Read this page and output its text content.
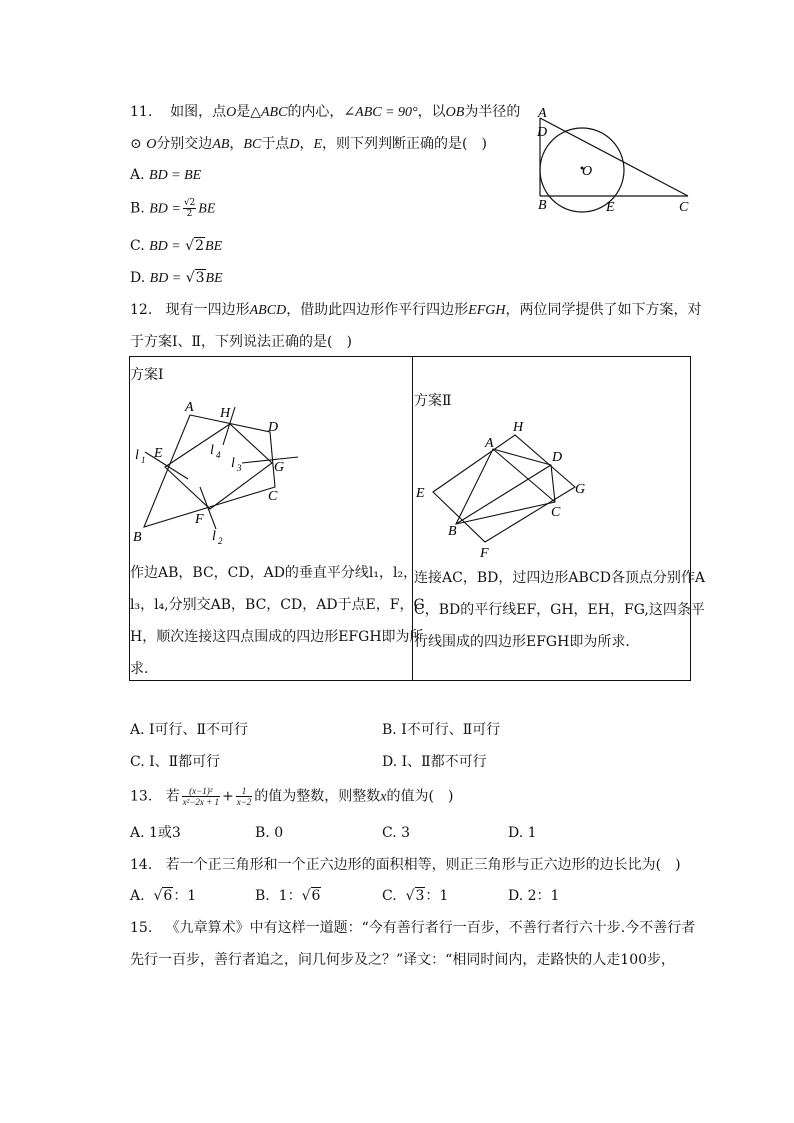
11. 如图，点O是△ABC的内心，∠ABC = 90°，以OB为半径的
⊙ O分别交边AB，BC于点D，E，则下列判断正确的是(　)
A. BD = BE
B. BD = $\frac{√2}{2}$ BE
C. BD = √2BE
D. BD = √3BE
A
D
O
B	E	C
12. 现有一四边形ABCD，借助此四边形作平行四边形EFGH，两位同学提供了如下方案，对
于方案Ⅰ、Ⅱ，下列说法正确的是(　)
方案Ⅰ
A H
D
l 1 E	l 4
l 3 G
C
B
F
l 2
作边AB，BC，CD，AD的垂直平分线l₁，l₂，
l₃，l₄,分别交AB，BC，CD，AD于点E，F，G
H，顺次连接这四点围成的四边形EFGH即为所
求．

方案Ⅱ
A
H
D
G
E
B
C
F
连接AC，BD，过四边形ABCD各顶点分别作A
C，BD的平行线EF，GH，EH，FG,这四条平
行线围成的四边形EFGH即为所求．
A. Ⅰ可行、Ⅱ不可行	B. Ⅰ不可行、Ⅱ可行
C. Ⅰ、Ⅱ都可行	D. Ⅰ、Ⅱ都不可行
13. 若 $\frac{\text{(x−1)²}}{\text{x²−2x + 1}} + \frac{1}{x-2}$ 的值为整数，则整数x的值为(　)
A. 1或3	B. 0	C. 3	D. 1
14. 若一个正三角形和一个正六边形的面积相等，则正三角形与正六边形的边长比为(　)
A.  √6：1	B. 1：√6	C.  √3：1	D. 2：1
15. 《九章算术》中有这样一道题：“今有善行者行一百步，不善行者行六十步.今不善行者
先行一百步，善行者追之，问几何步及之？”译文：“相同时间内，走路快的人走100步，
